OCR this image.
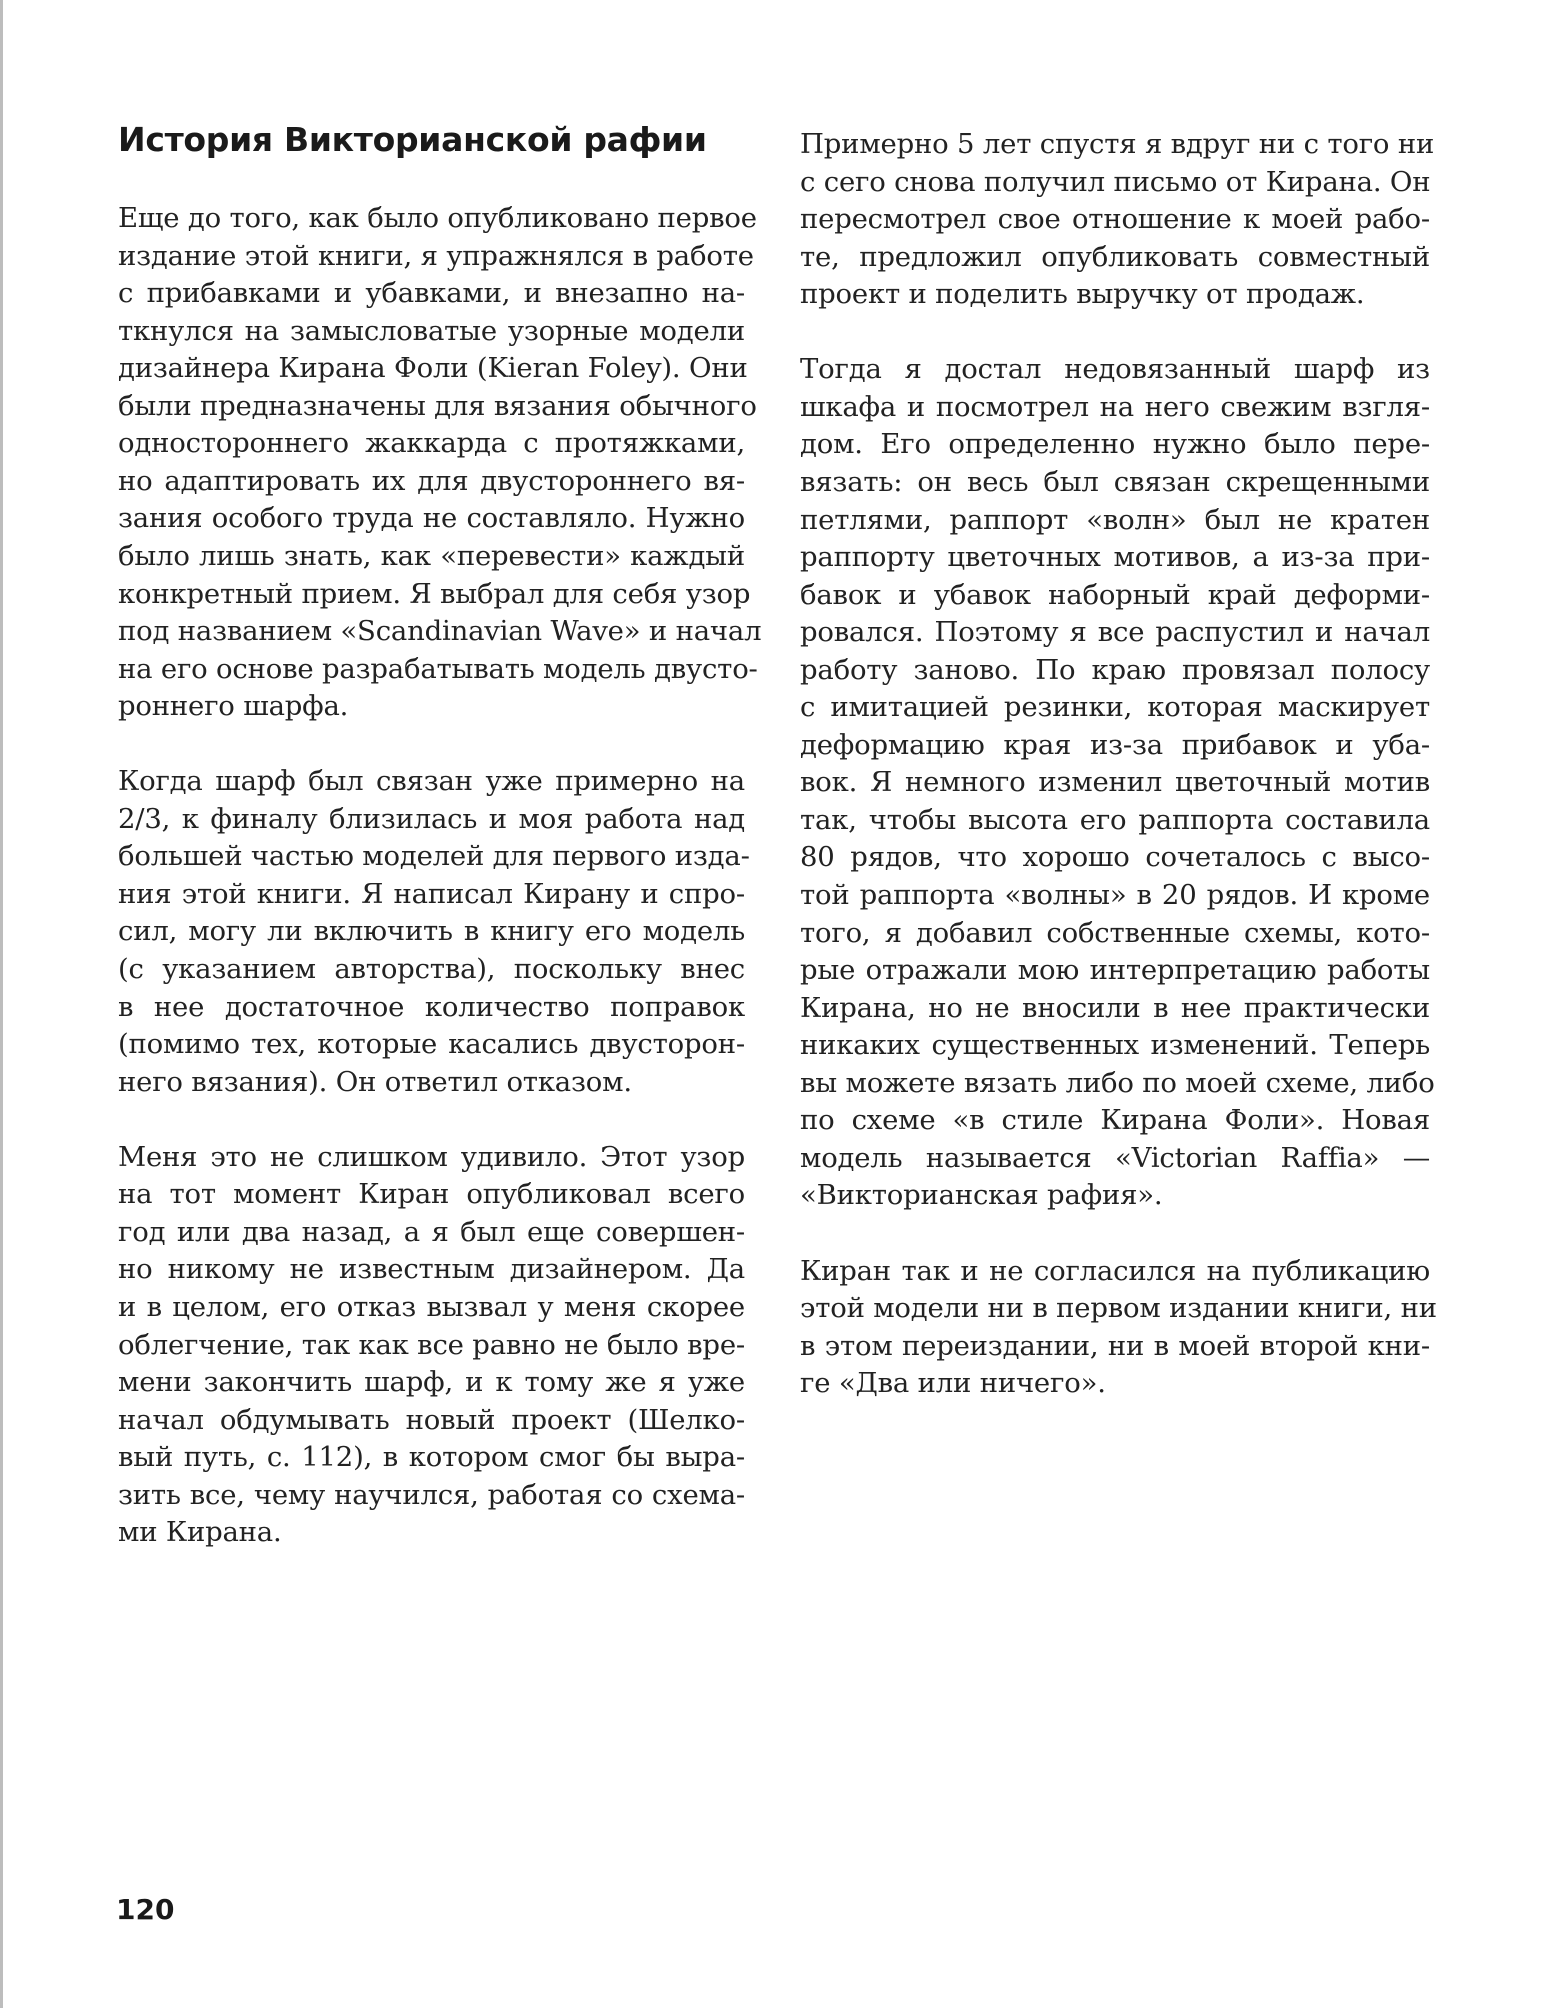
История Викторианской рафии
Еще до того, как было опубликовано первое
издание этой книги, я упражнялся в работе
с прибавками и убавками, и внезапно на-
ткнулся на замысловатые узорные модели
дизайнера Кирана Фоли (Kieran Foley). Они
были предназначены для вязания обычного
одностороннего жаккарда с протяжками,
но адаптировать их для двустороннего вя-
зания особого труда не составляло. Нужно
было лишь знать, как «перевести» каждый
конкретный прием. Я выбрал для себя узор
под названием «Scandinavian Wave» и начал
на его основе разрабатывать модель двусто-
роннего шарфа.
Когда шарф был связан уже примерно на
2/3, к финалу близилась и моя работа над
большей частью моделей для первого изда-
ния этой книги. Я написал Кирану и спро-
сил, могу ли включить в книгу его модель
(с указанием авторства), поскольку внес
в нее достаточное количество поправок
(помимо тех, которые касались двусторон-
него вязания). Он ответил отказом.
Меня это не слишком удивило. Этот узор
на тот момент Киран опубликовал всего
год или два назад, а я был еще совершен-
но никому не известным дизайнером. Да
и в целом, его отказ вызвал у меня скорее
облегчение, так как все равно не было вре-
мени закончить шарф, и к тому же я уже
начал обдумывать новый проект (Шелко-
вый путь, с. 112), в котором смог бы выра-
зить все, чему научился, работая со схема-
ми Кирана.
Примерно 5 лет спустя я вдруг ни с того ни
с сего снова получил письмо от Кирана. Он
пересмотрел свое отношение к моей рабо-
те, предложил опубликовать совместный
проект и поделить выручку от продаж.
Тогда я достал недовязанный шарф из
шкафа и посмотрел на него свежим взгля-
дом. Его определенно нужно было пере-
вязать: он весь был связан скрещенными
петлями, раппорт «волн» был не кратен
раппорту цветочных мотивов, а из-за при-
бавок и убавок наборный край деформи-
ровался. Поэтому я все распустил и начал
работу заново. По краю провязал полосу
с имитацией резинки, которая маскирует
деформацию края из-за прибавок и уба-
вок. Я немного изменил цветочный мотив
так, чтобы высота его раппорта составила
80 рядов, что хорошо сочеталось с высо-
той раппорта «волны» в 20 рядов. И кроме
того, я добавил собственные схемы, кото-
рые отражали мою интерпретацию работы
Кирана, но не вносили в нее практически
никаких существенных изменений. Теперь
вы можете вязать либо по моей схеме, либо
по схеме «в стиле Кирана Фоли». Новая
модель называется «Victorian Raffia» —
«Викторианская рафия».
Киран так и не согласился на публикацию
этой модели ни в первом издании книги, ни
в этом переиздании, ни в моей второй кни-
ге «Два или ничего».
120
